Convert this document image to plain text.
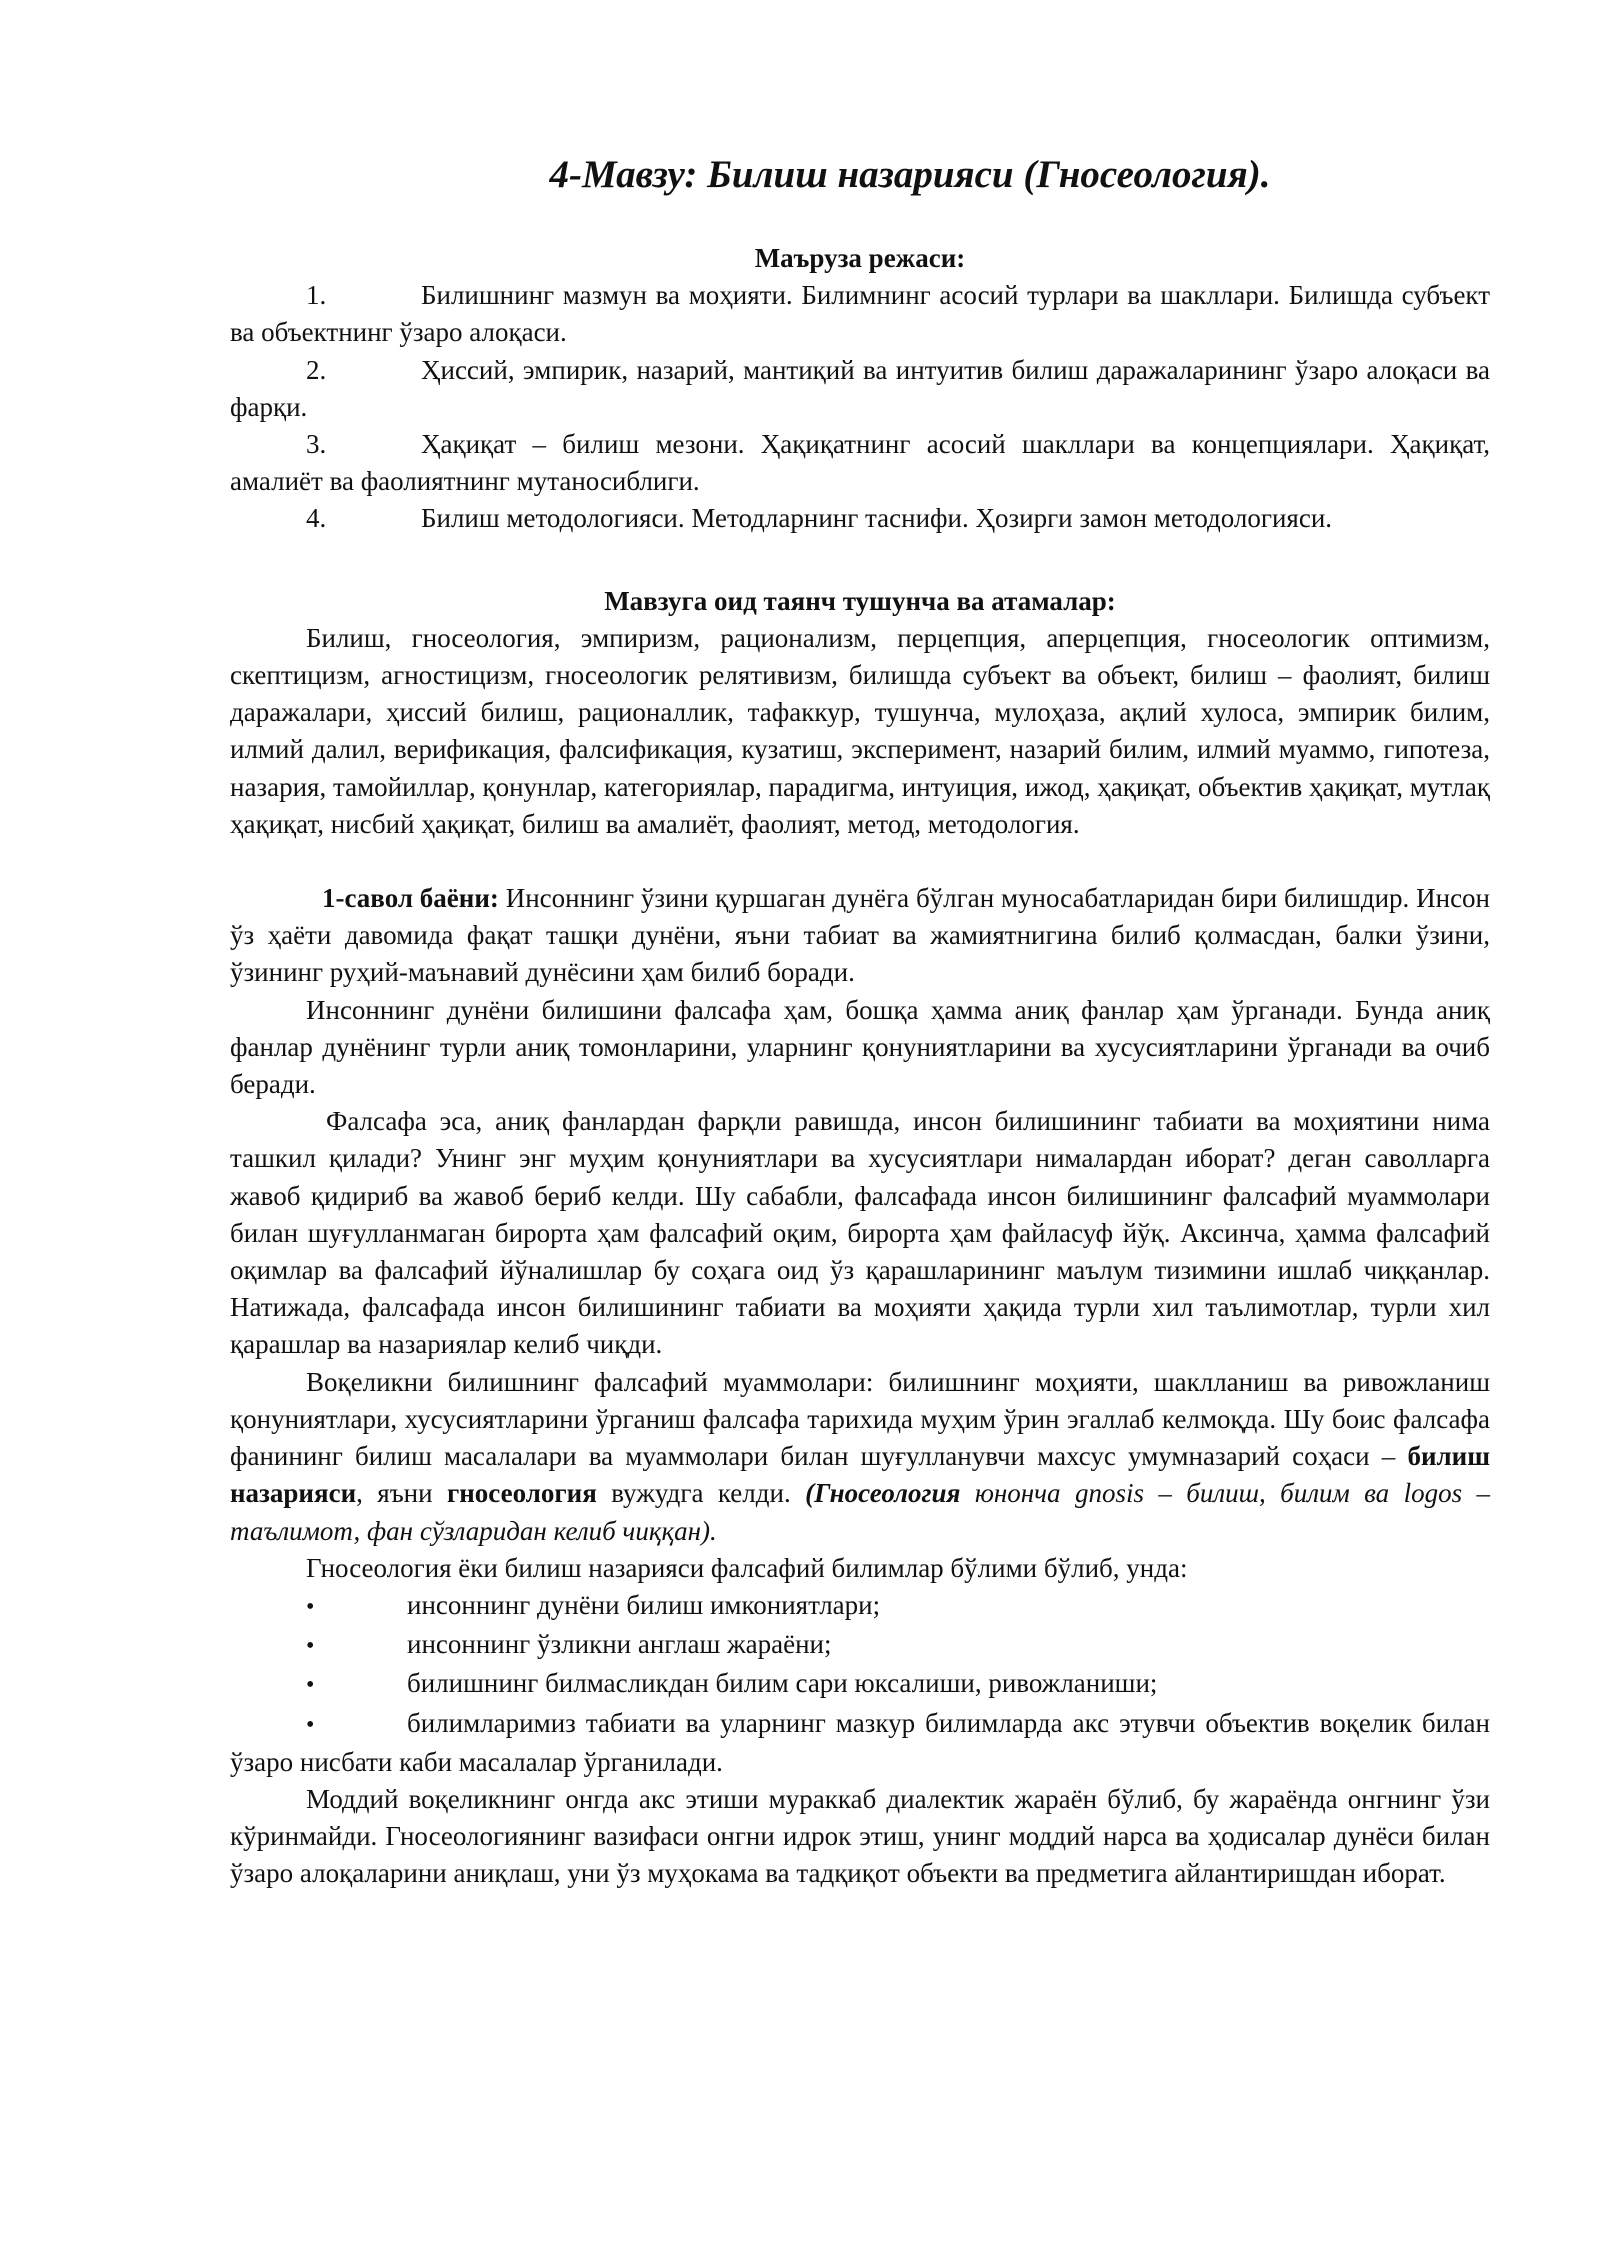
4-Мавзу: Билиш назарияси (Гносеология).
Маъруза режаси:

1.	Билишнинг мазмун ва моҳияти. Билимнинг асосий турлари ва шакллари. Билишда субъект ва объектнинг ўзаро алоқаси.

2.	Ҳиссий, эмпирик, назарий, мантиқий ва интуитив билиш даражаларининг ўзаро алоқаси ва фарқи.

3.	Ҳақиқат – билиш мезони. Ҳақиқатнинг асосий шакллари ва концепциялари. Ҳақиқат, амалиёт ва фаолиятнинг мутаносиблиги.

4.	Билиш методологияси. Методларнинг таснифи. Ҳозирги замон методологияси.

Мавзуга оид таянч тушунча ва атамалар:

Билиш, гносеология, эмпиризм, рационализм, перцепция, аперцепция, гносеологик оптимизм, скептицизм, агностицизм, гносеологик релятивизм, билишда субъект ва объект, билиш – фаолият, билиш даражалари, ҳиссий билиш, рационаллик, тафаккур, тушунча, мулоҳаза, ақлий хулоса, эмпирик билим, илмий далил, верификация, фалсификация, кузатиш, эксперимент, назарий билим, илмий муаммо, гипотеза, назария, тамойиллар, қонунлар, категориялар, парадигма, интуиция, ижод, ҳақиқат, объектив ҳақиқат, мутлақ ҳақиқат, нисбий ҳақиқат, билиш ва амалиёт, фаолият, метод, методология.

1-савол баёни: Инсоннинг ўзини қуршаган дунёга бўлган муносабатларидан бири билишдир. Инсон ўз ҳаёти давомида фақат ташқи дунёни, яъни табиат ва жамиятнигина билиб қолмасдан, балки ўзини, ўзининг руҳий-маънавий дунёсини ҳам билиб боради.

Инсоннинг дунёни билишини фалсафа ҳам, бошқа ҳамма аниқ фанлар ҳам ўрганади. Бунда аниқ фанлар дунёнинг турли аниқ томонларини, уларнинг қонуниятларини ва хусусиятларини ўрганади ва очиб беради.

Фалсафа эса, аниқ фанлардан фарқли равишда, инсон билишининг табиати ва моҳиятини нима ташкил қилади? Унинг энг муҳим қонуниятлари ва хусусиятлари нималардан иборат? деган саволларга жавоб қидириб ва жавоб бериб келди. Шу сабабли, фалсафада инсон билишининг фалсафий муаммолари билан шуғулланмаган бирорта ҳам фалсафий оқим, бирорта ҳам файласуф йўқ. Аксинча, ҳамма фалсафий оқимлар ва фалсафий йўналишлар бу соҳага оид ўз қарашларининг маълум тизимини ишлаб чиққанлар. Натижада, фалсафада инсон билишининг табиати ва моҳияти ҳақида турли хил таълимотлар, турли хил қарашлар ва назариялар келиб чиқди.

Воқеликни билишнинг фалсафий муаммолари: билишнинг моҳияти, шаклланиш ва ривожланиш қонуниятлари, хусусиятларини ўрганиш фалсафа тарихида муҳим ўрин эгаллаб келмоқда. Шу боис фалсафа фанининг билиш масалалари ва муаммолари билан шуғулланувчи махсус умумназарий соҳаси – билиш назарияси, яъни гносеология вужудга келди. (Гносеология юнонча gnosis – билиш, билим ва logos – таълимот, фан сўзларидан келиб чиққан).

Гносеология ёки билиш назарияси фалсафий билимлар бўлими бўлиб, унда:

•	инсоннинг дунёни билиш имкониятлари;
•	инсоннинг ўзликни англаш жараёни;
•	билишнинг билмасликдан билим сари юксалиши, ривожланиши;
•	билимларимиз табиати ва уларнинг мазкур билимларда акс этувчи объектив воқелик билан ўзаро нисбати каби масалалар ўрганилади.

Моддий воқеликнинг онгда акс этиши мураккаб диалектик жараён бўлиб, бу жараёнда онгнинг ўзи кўринмайди. Гносеологиянинг вазифаси онгни идрок этиш, унинг моддий нарса ва ҳодисалар дунёси билан ўзаро алоқаларини аниқлаш, уни ўз муҳокама ва тадқиқот объекти ва предметига айлантиришдан иборат.
